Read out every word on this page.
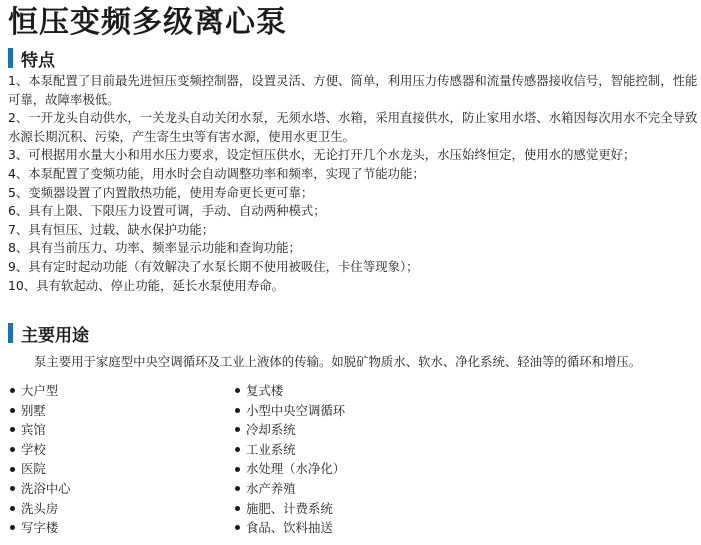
恒压变频多级离心泵
特点
1、本泵配置了目前最先进恒压变频控制器，设置灵活、方便、简单，利用压力传感器和流量传感器接收信号，智能控制，性能可靠，故障率极低。
2、一开龙头自动供水，一关龙头自动关闭水泵，无须水塔、水箱，采用直接供水，防止家用水塔、水箱因每次用水不完全导致水源长期沉积、污染，产生寄生虫等有害水源，使用水更卫生。
3、可根据用水量大小和用水压力要求，设定恒压供水，无论打开几个水龙头，水压始终恒定，使用水的感觉更好；
4、本泵配置了变频功能，用水时会自动调整功率和频率，实现了节能功能；
5、变频器设置了内置散热功能，使用寿命更长更可靠；
6、具有上限、下限压力设置可调，手动、自动两种模式；
7、具有恒压、过载、缺水保护功能；
8、具有当前压力、功率、频率显示功能和查询功能；
9、具有定时起动功能（有效解决了水泵长期不使用被吸住，卡住等现象）；
10、具有软起动、停止功能，延长水泵使用寿命。
主要用途
泵主要用于家庭型中央空调循环及工业上液体的传输。如脱矿物质水、软水、净化系统、轻油等的循环和增压。
大户型
别墅
宾馆
学校
医院
洗浴中心
洗头房
写字楼
复式楼
小型中央空调循环
冷却系统
工业系统
水处理（水净化）
水产养殖
施肥、计费系统
食品、饮料抽送
